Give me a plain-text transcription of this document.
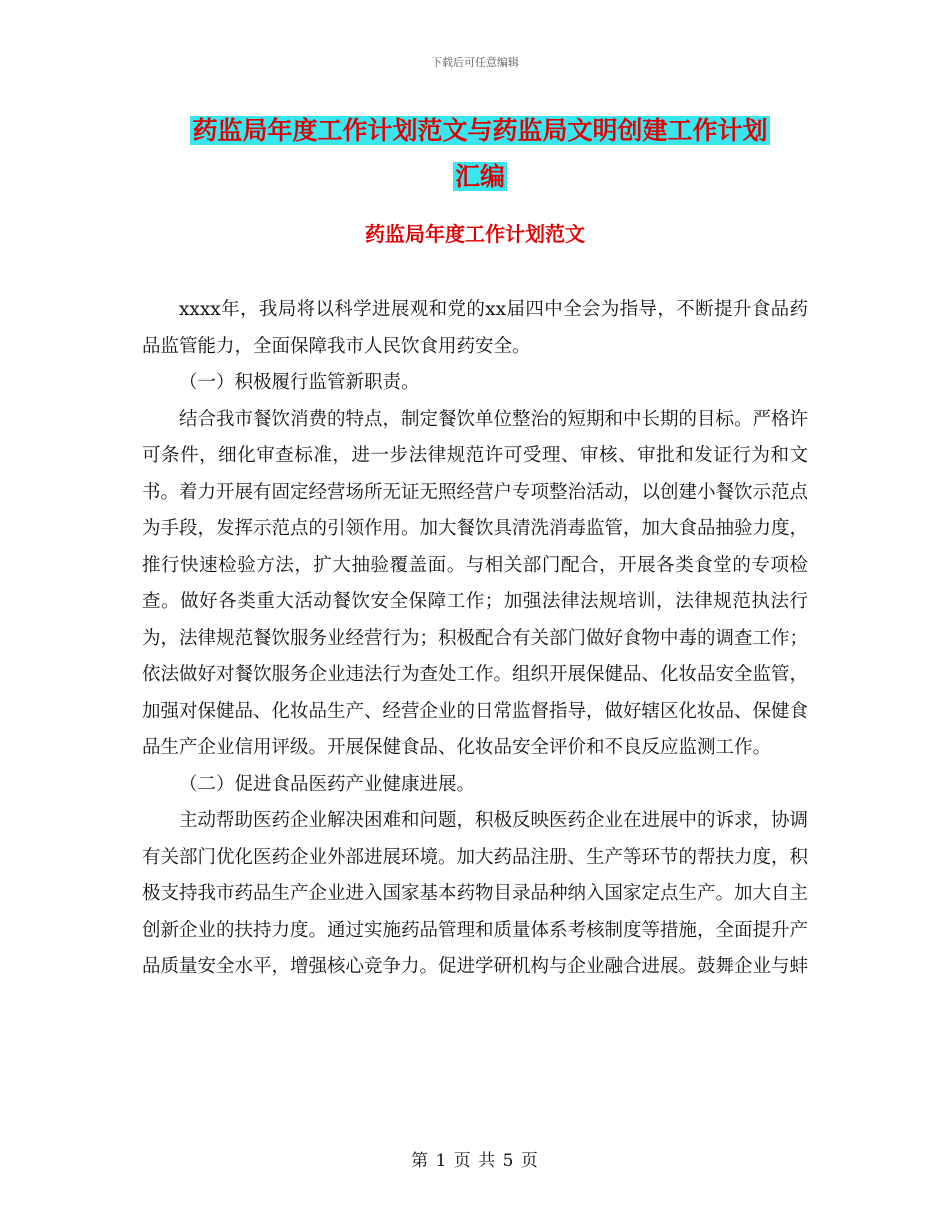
下载后可任意编辑
药监局年度工作计划范文与药监局文明创建工作计划
汇编
药监局年度工作计划范文

xxxx年，我局将以科学进展观和党的xx届四中全会为指导，不断提升食品药品监管能力，全面保障我市人民饮食用药安全。

（一）积极履行监管新职责。

结合我市餐饮消费的特点，制定餐饮单位整治的短期和中长期的目标。严格许可条件，细化审查标准，进一步法律规范许可受理、审核、审批和发证行为和文书。着力开展有固定经营场所无证无照经营户专项整治活动，以创建小餐饮示范点为手段，发挥示范点的引领作用。加大餐饮具清洗消毒监管，加大食品抽验力度，推行快速检验方法，扩大抽验覆盖面。与相关部门配合，开展各类食堂的专项检查。做好各类重大活动餐饮安全保障工作；加强法律法规培训，法律规范执法行为，法律规范餐饮服务业经营行为；积极配合有关部门做好食物中毒的调查工作；依法做好对餐饮服务企业违法行为查处工作。组织开展保健品、化妆品安全监管，加强对保健品、化妆品生产、经营企业的日常监督指导，做好辖区化妆品、保健食品生产企业信用评级。开展保健食品、化妆品安全评价和不良反应监测工作。

（二）促进食品医药产业健康进展。

主动帮助医药企业解决困难和问题，积极反映医药企业在进展中的诉求，协调有关部门优化医药企业外部进展环境。加大药品注册、生产等环节的帮扶力度，积极支持我市药品生产企业进入国家基本药物目录品种纳入国家定点生产。加大自主创新企业的扶持力度。通过实施药品管理和质量体系考核制度等措施，全面提升产品质量安全水平，增强核心竞争力。促进学研机构与企业融合进展。鼓舞企业与蚌

第 1 页 共 5 页
